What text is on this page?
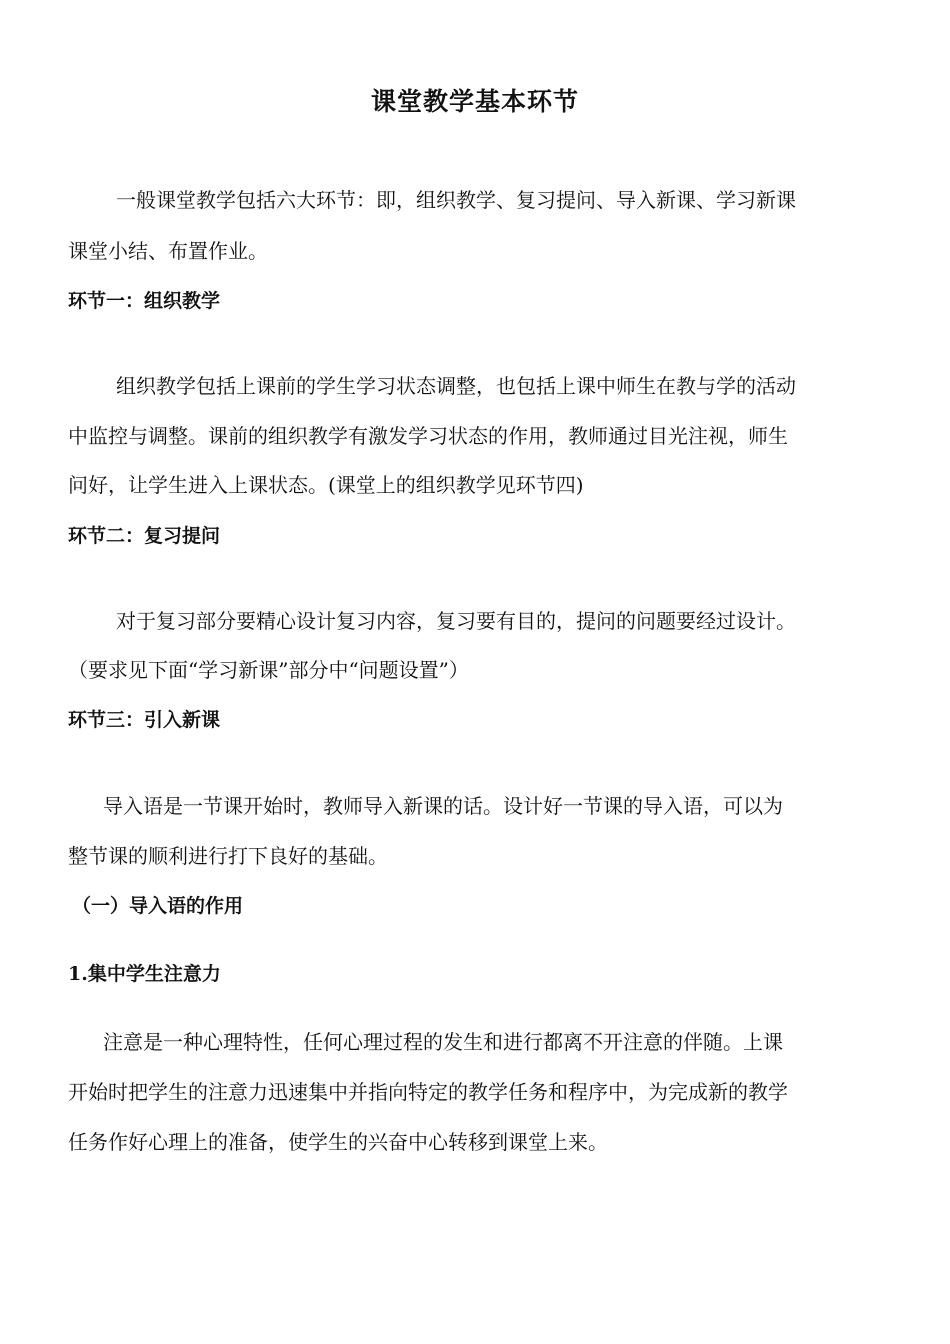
课堂教学基本环节
一般课堂教学包括六大环节：即，组织教学、复习提问、导入新课、学习新课
课堂小结、布置作业。
环节一：组织教学
组织教学包括上课前的学生学习状态调整，也包括上课中师生在教与学的活动
中监控与调整。课前的组织教学有激发学习状态的作用，教师通过目光注视，师生
问好，让学生进入上课状态。(课堂上的组织教学见环节四)
环节二：复习提问
对于复习部分要精心设计复习内容，复习要有目的，提问的问题要经过设计。
（要求见下面“学习新课”部分中“问题设置”）
环节三：引入新课
导入语是一节课开始时，教师导入新课的话。设计好一节课的导入语，可以为
整节课的顺利进行打下良好的基础。
（一）导入语的作用
1.集中学生注意力
注意是一种心理特性，任何心理过程的发生和进行都离不开注意的伴随。上课
开始时把学生的注意力迅速集中并指向特定的教学任务和程序中，为完成新的教学
任务作好心理上的准备，使学生的兴奋中心转移到课堂上来。
